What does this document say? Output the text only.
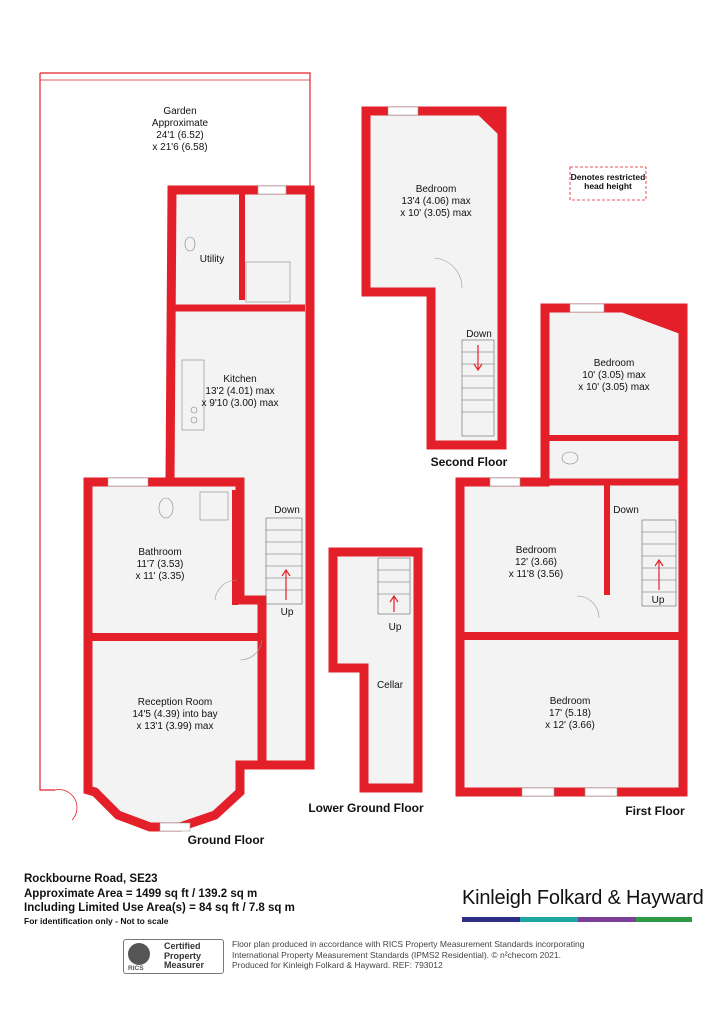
Garden
Approximate
24'1 (6.52)
x 21'6 (6.58)
Utility
Kitchen
13'2 (4.01) max
x 9'10 (3.00) max
Bathroom
11'7 (3.53)
x 11' (3.35)
Reception Room
14'5 (4.39) into bay
x 13'1 (3.99) max
Down
Up
Ground Floor
Up
Cellar
Lower Ground Floor
Bedroom
13'4 (4.06) max
x 10' (3.05) max
Down
Second Floor
Bedroom
10' (3.05) max
x 10' (3.05) max
Bedroom
12' (3.66)
x 11'8 (3.56)
Bedroom
17' (5.18)
x 12' (3.66)
Down
Up
First Floor
Denotes restricted
head height
Rockbourne Road, SE23
Approximate Area = 1499 sq ft / 139.2 sq m
Including Limited Use Area(s) = 84 sq ft / 7.8 sq m
For identification only - Not to scale
Kinleigh Folkard & Hayward
RICS
Certified
Property
Measurer
Floor plan produced in accordance with RICS Property Measurement Standards incorporating
International Property Measurement Standards (IPMS2 Residential). © n²checom 2021.
Produced for Kinleigh Folkard & Hayward. REF: 793012
